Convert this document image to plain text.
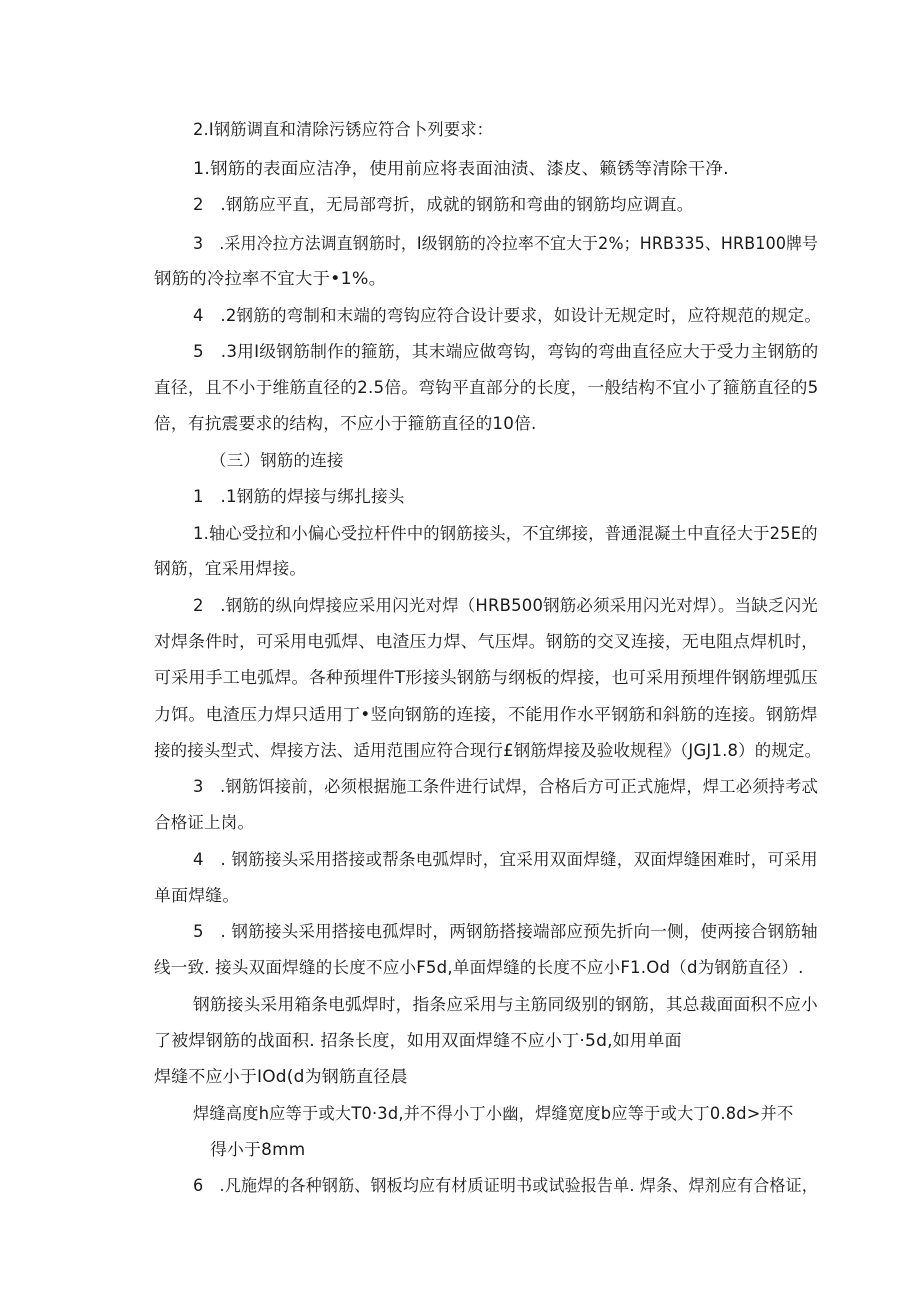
2.I钢筋调直和清除污锈应符合卜列要求：
1.钢筋的表面应洁净，使用前应将表面油渍、漆皮、籁锈等清除干净.
2　.钢筋应平直，无局部弯折，成就的钢筋和弯曲的钢筋均应调直。
3　.采用冷拉方法调直钢筋时，I级钢筋的冷拉率不宜大于2%；HRB335、HRB100牌号
钢筋的冷拉率不宜大于•1%。
4　.2钢筋的弯制和末端的弯钩应符合设计要求，如设计无规定时，应符规范的规定。
5　.3用I级钢筋制作的箍筋，其末端应做弯钩，弯钩的弯曲直径应大于受力主钢筋的
直径，且不小于维筋直径的2.5倍。弯钩平直部分的长度，一般结构不宜小了箍筋直径的5
倍，有抗震要求的结构，不应小于箍筋直径的10倍.
（三）钢筋的连接
1　.1钢筋的焊接与绑扎接头
1.轴心受拉和小偏心受拉杆件中的钢筋接头，不宜绑接，普通混凝土中直径大于25E的
钢筋，宜采用焊接。
2　.钢筋的纵向焊接应采用闪光对焊（HRB500钢筋必须采用闪光对焊）。当缺乏闪光
对焊条件时，可采用电弧焊、电渣压力焊、气压焊。钢筋的交叉连接，无电阻点焊机时，
可采用手工电弧焊。各种预埋件T形接头钢筋与纲板的焊接，也可采用预埋件钢筋埋弧压
力饵。电渣压力焊只适用丁•竖向钢筋的连接，不能用作水平钢筋和斜筋的连接。钢筋焊
接的接头型式、焊接方法、适用范围应符合现行£钢筋焊接及验收规程》（JGJ1.8）的规定。
3　.钢筋饵接前，必须根据施工条件进行试焊，合格后方可正式施焊，焊工必须持考忒
合格证上岗。
4　. 钢筋接头采用搭接或帮条电弧焊时，宜采用双面焊缝，双面焊缝困难时，可采用
单面焊缝。
5　. 钢筋接头采用搭接电孤焊时，两钢筋搭接端部应预先折向一侧，使两接合钢筋轴
线一致. 接头双面焊缝的长度不应小F5d,单面焊缝的长度不应小F1.Od（d为钢筋直径）.
钢筋接头采用箱条电弧焊时，指条应采用与主筋同级别的钢筋，其总裁面面积不应小
了被焊钢筋的战面积. 招条长度，如用双面焊缝不应小丁·5d,如用单面
焊缝不应小于IOd(d为钢筋直径晨
焊缝高度h应等于或大T0·3d,并不得小丁小幽，焊缝宽度b应等于或大丁0.8d>并不
得小于8mm
6　.凡施焊的各种钢筋、钢板均应有材质证明书或试验报告单. 焊条、焊剂应有合格证，
